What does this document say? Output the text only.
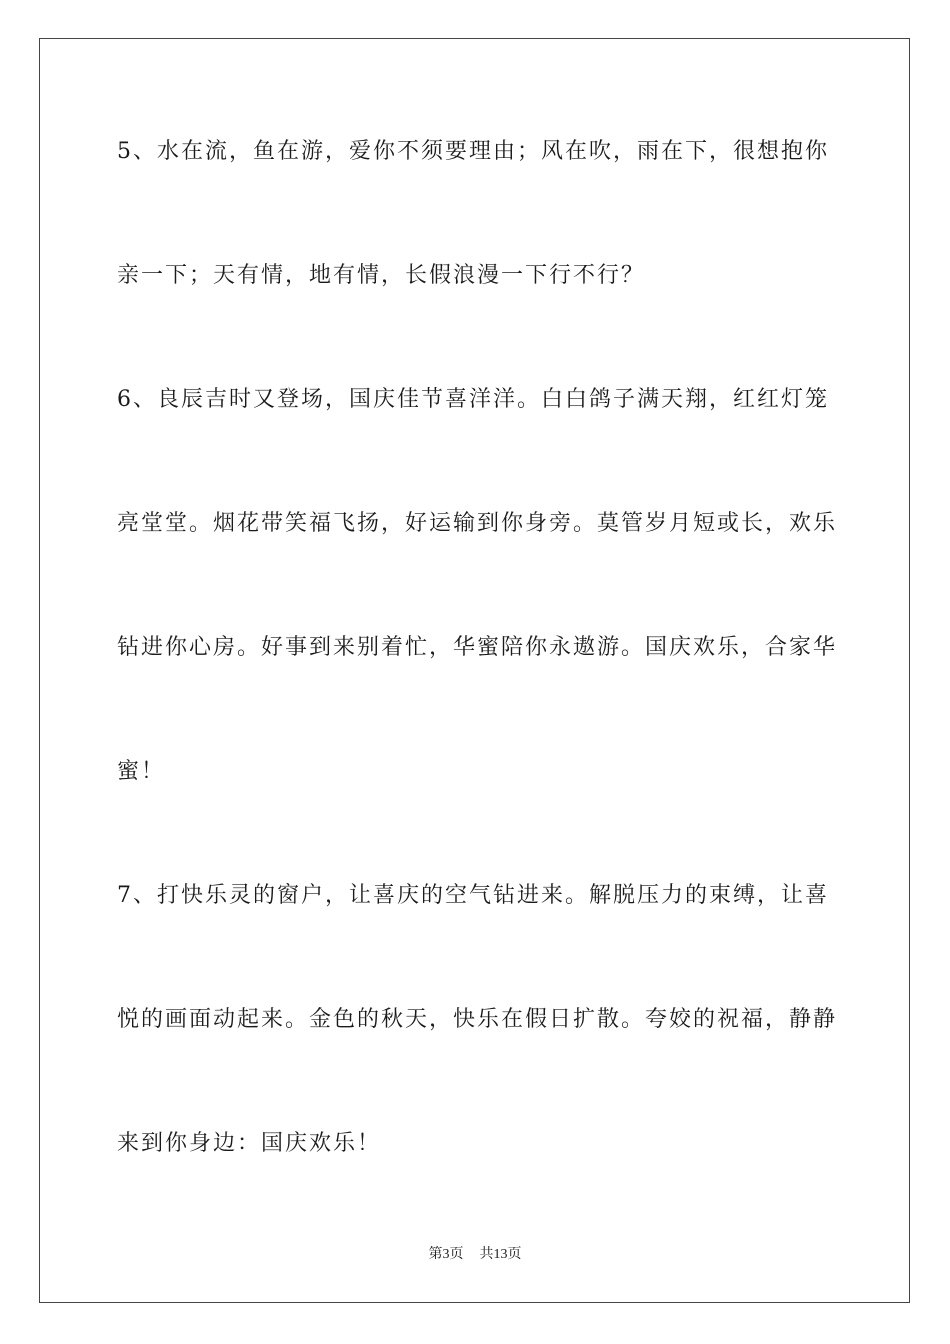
5、水在流，鱼在游，爱你不须要理由；风在吹，雨在下，很想抱你
亲一下；天有情，地有情，长假浪漫一下行不行？
6、良辰吉时又登场，国庆佳节喜洋洋。白白鸽子满天翔，红红灯笼
亮堂堂。烟花带笑福飞扬，好运输到你身旁。莫管岁月短或长，欢乐
钻进你心房。好事到来别着忙，华蜜陪你永遨游。国庆欢乐，合家华
蜜！
7、打快乐灵的窗户，让喜庆的空气钻进来。解脱压力的束缚，让喜
悦的画面动起来。金色的秋天，快乐在假日扩散。夸姣的祝福，静静
来到你身边：国庆欢乐！
第3页 共13页
